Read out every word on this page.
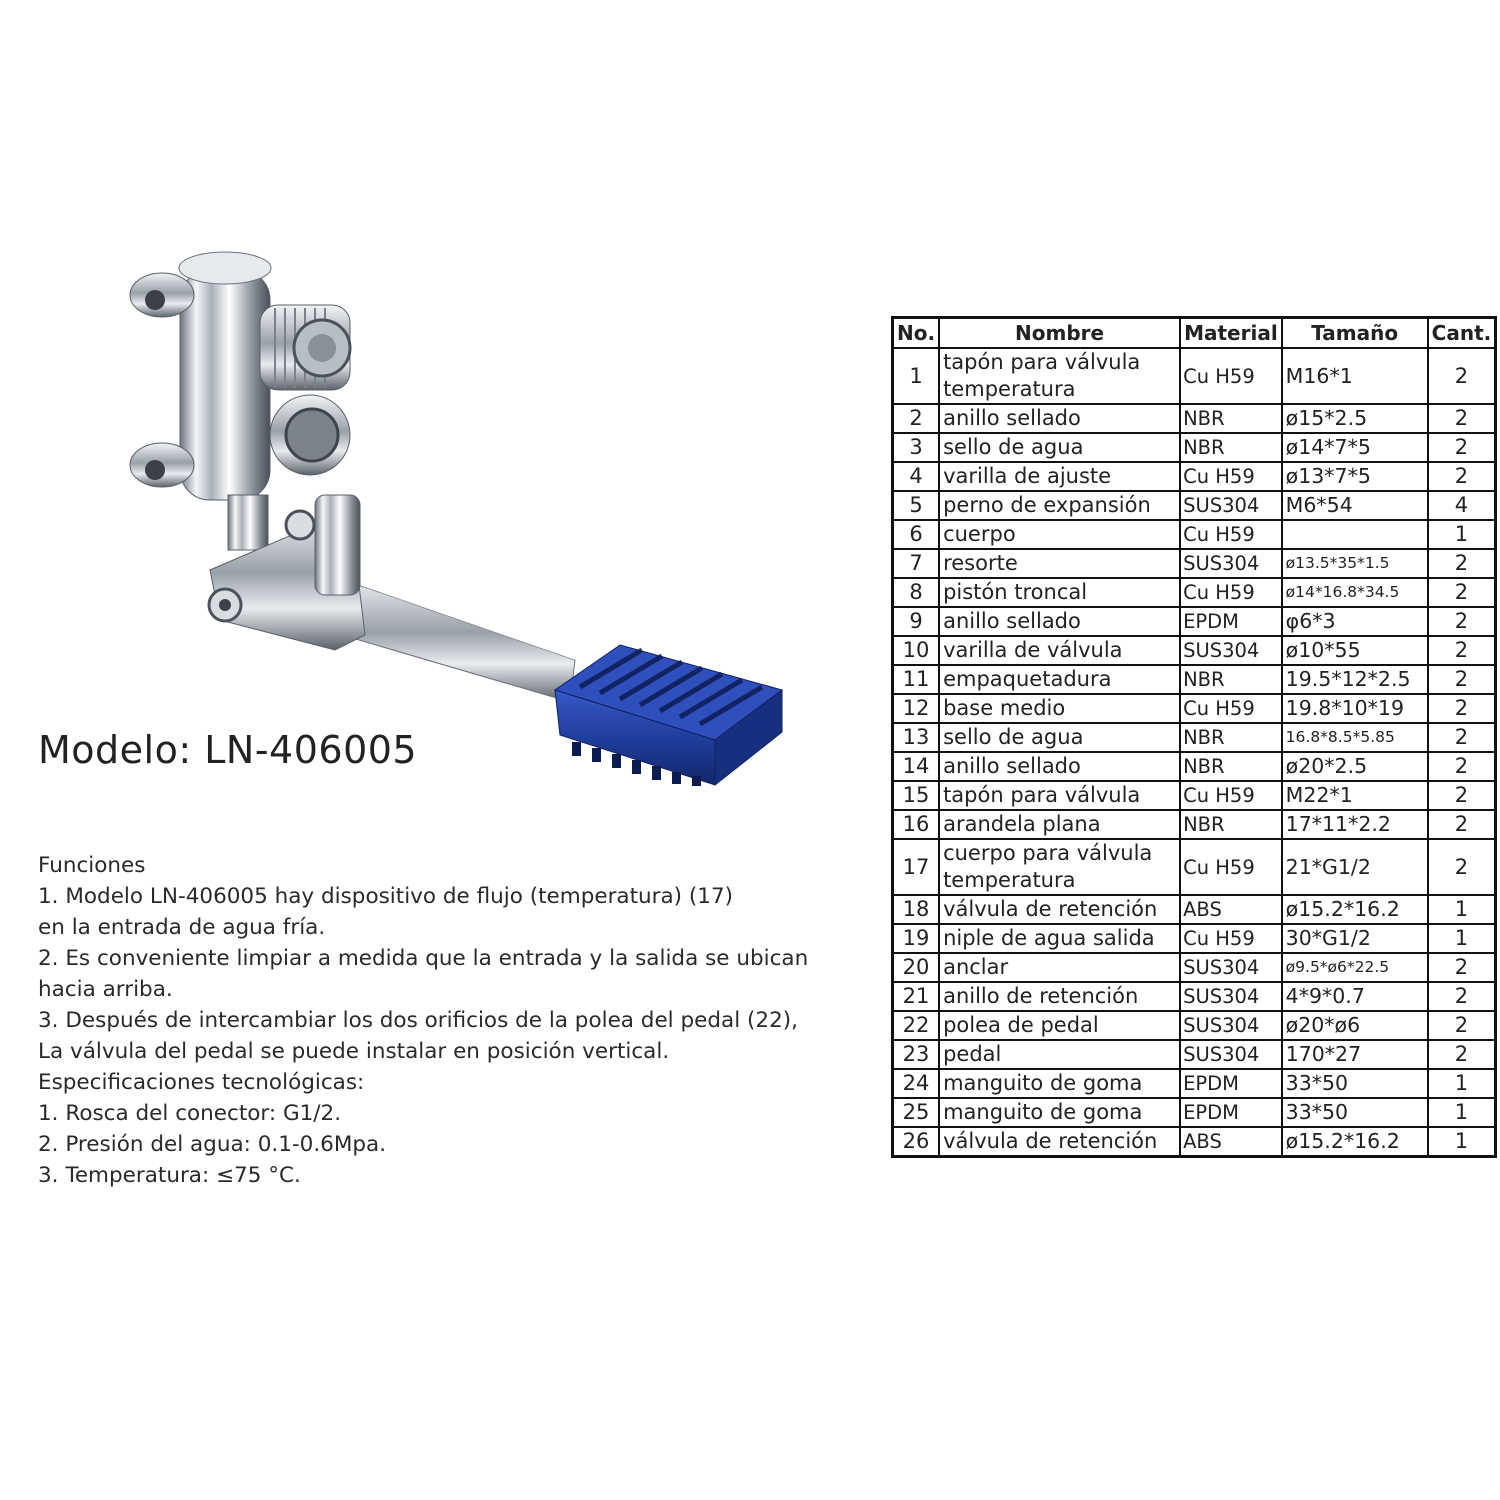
Modelo: LN-406005
Funciones
1. Modelo LN-406005 hay dispositivo de flujo (temperatura) (17)
en la entrada de agua fría.
2. Es conveniente limpiar a medida que la entrada y la salida se ubican
hacia arriba.
3. Después de intercambiar los dos orificios de la polea del pedal (22),
La válvula del pedal se puede instalar en posición vertical.
Especificaciones tecnológicas:
1. Rosca del conector: G1/2.
2. Presión del agua: 0.1-0.6Mpa.
3. Temperatura: ≤75 °C.
No.	Nombre	Material	Tamaño	Cant.
1	tapón para válvula temperatura	Cu H59	M16*1	2
2	anillo sellado	NBR	ø15*2.5	2
3	sello de agua	NBR	ø14*7*5	2
4	varilla de ajuste	Cu H59	ø13*7*5	2
5	perno de expansión	SUS304	M6*54	4
6	cuerpo	Cu H59		1
7	resorte	SUS304	ø13.5*35*1.5	2
8	pistón troncal	Cu H59	ø14*16.8*34.5	2
9	anillo sellado	EPDM	φ6*3	2
10	varilla de válvula	SUS304	ø10*55	2
11	empaquetadura	NBR	19.5*12*2.5	2
12	base medio	Cu H59	19.8*10*19	2
13	sello de agua	NBR	16.8*8.5*5.85	2
14	anillo sellado	NBR	ø20*2.5	2
15	tapón para válvula	Cu H59	M22*1	2
16	arandela plana	NBR	17*11*2.2	2
17	cuerpo para válvula temperatura	Cu H59	21*G1/2	2
18	válvula de retención	ABS	ø15.2*16.2	1
19	niple de agua salida	Cu H59	30*G1/2	1
20	anclar	SUS304	ø9.5*ø6*22.5	2
21	anillo de retención	SUS304	4*9*0.7	2
22	polea de pedal	SUS304	ø20*ø6	2
23	pedal	SUS304	170*27	2
24	manguito de goma	EPDM	33*50	1
25	manguito de goma	EPDM	33*50	1
26	válvula de retención	ABS	ø15.2*16.2	1
